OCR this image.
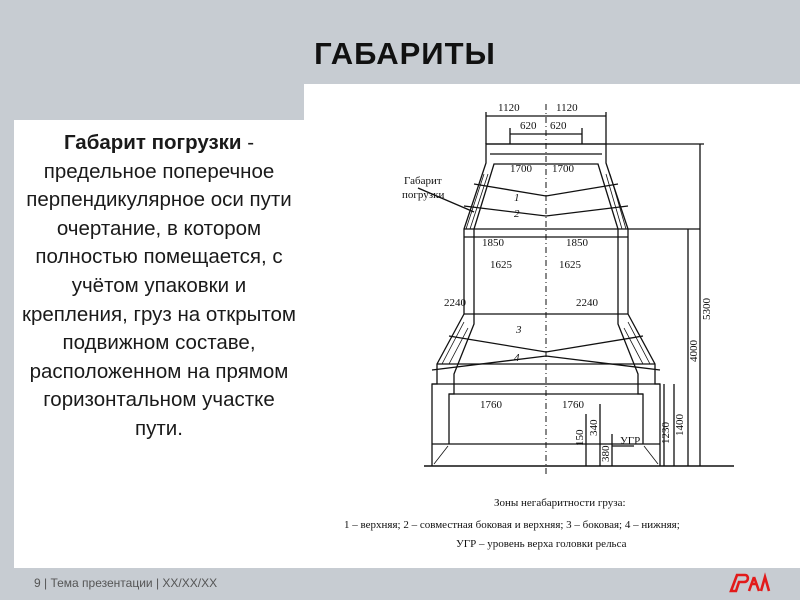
ГАБАРИТЫ
Габарит погрузки - предельное поперечное перпендикулярное оси пути очертание, в котором полностью помещается, с учётом упаковки и крепления, груз на открытом подвижном составе, расположенном на прямом горизонтальном участке пути.
Габарит
погрузки
1120	1120
620 620
1700 1700
1
2
1850	1850
1625	1625
2240	2240
3
4
1760	1760
5300
4000
1400
1230
380
340
150	УГР
Зоны негабаритности груза:
1 – верхняя; 2 – совместная боковая и верхняя; 3 – боковая; 4 – нижняя;
УГР – уровень верха головки рельса
9 | Тема презентации | XX/XX/XX
